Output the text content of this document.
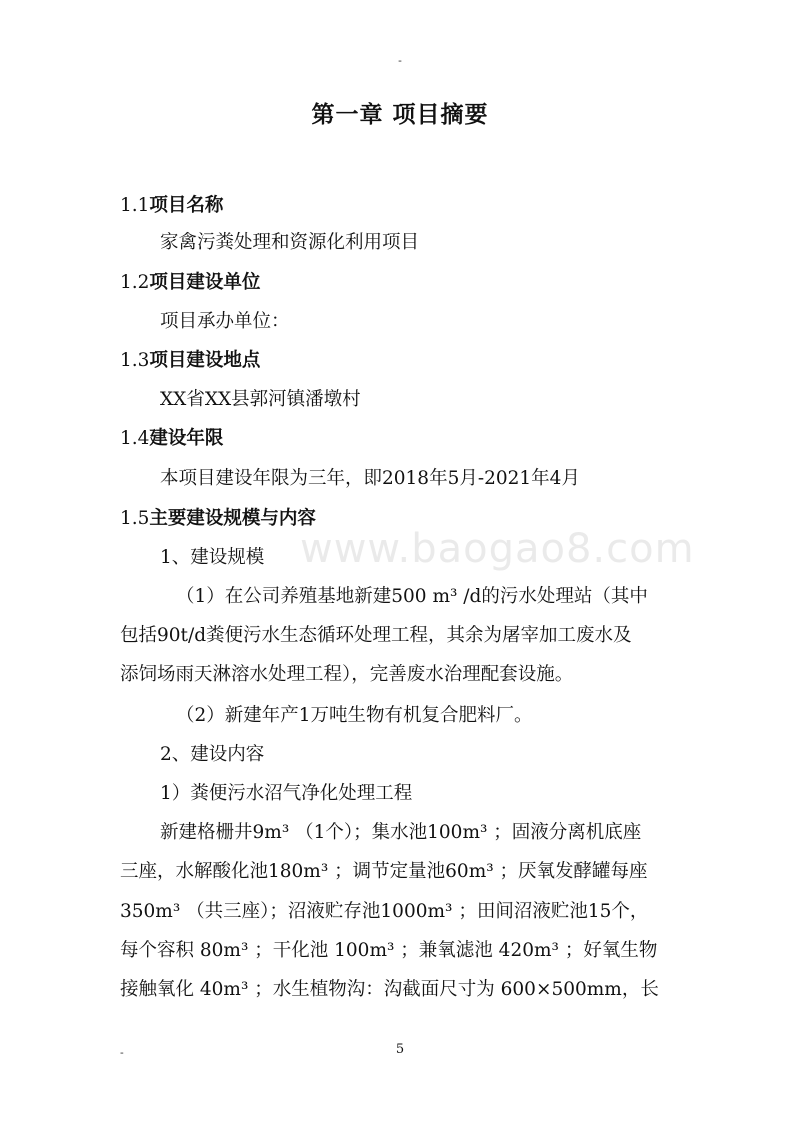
-
第一章 项目摘要
1.1项目名称
家禽污粪处理和资源化利用项目
1.2项目建设单位
项目承办单位：
1.3项目建设地点
XX省XX县郭河镇潘墩村
1.4建设年限
本项目建设年限为三年，即2018年5月-2021年4月
1.5主要建设规模与内容
www.baogao8.com
1、建设规模
（1）在公司养殖基地新建500 m³ /d的污水处理站（其中
包括90t/d粪便污水生态循环处理工程，其余为屠宰加工废水及
添饲场雨天淋溶水处理工程），完善废水治理配套设施。
（2）新建年产1万吨生物有机复合肥料厂。
2、建设内容
1）粪便污水沼气净化处理工程
新建格栅井9m³ （1个）；集水池100m³ ；固液分离机底座
三座，水解酸化池180m³ ；调节定量池60m³ ；厌氧发酵罐每座
350m³ （共三座）；沼液贮存池1000m³ ；田间沼液贮池15个，
每个容积 80m³ ；干化池 100m³ ；兼氧滤池 420m³ ；好氧生物
接触氧化 40m³ ；水生植物沟：沟截面尺寸为 600×500mm，长
-	5
